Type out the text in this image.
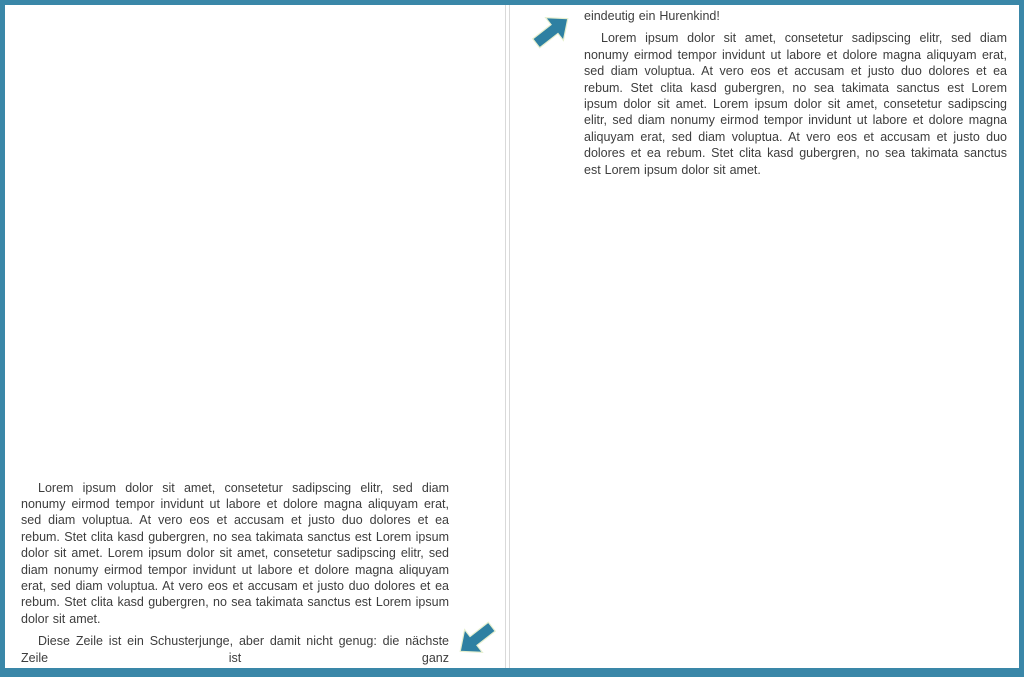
Lorem ipsum dolor sit amet, consetetur sadipscing elitr, sed diam nonumy eirmod tempor invidunt ut labore et dolore magna aliquyam erat, sed diam voluptua. At vero eos et accusam et justo duo dolores et ea rebum. Stet clita kasd gubergren, no sea takimata sanctus est Lorem ipsum dolor sit amet. Lorem ipsum dolor sit amet, consetetur sadipscing elitr, sed diam nonumy eirmod tempor invidunt ut labore et dolore magna aliquyam erat, sed diam voluptua. At vero eos et accusam et justo duo dolores et ea rebum. Stet clita kasd gubergren, no sea takimata sanctus est Lorem ipsum dolor sit amet.

Diese Zeile ist ein Schusterjunge, aber damit nicht genug: die nächste Zeile ist ganz

eindeutig ein Hurenkind!

Lorem ipsum dolor sit amet, consetetur sadipscing elitr, sed diam nonumy eirmod tempor invidunt ut labore et dolore magna aliquyam erat, sed diam voluptua. At vero eos et accusam et justo duo dolores et ea rebum. Stet clita kasd gubergren, no sea takimata sanctus est Lorem ipsum dolor sit amet. Lorem ipsum dolor sit amet, consetetur sadipscing elitr, sed diam nonumy eirmod tempor invidunt ut labore et dolore magna aliquyam erat, sed diam voluptua. At vero eos et accusam et justo duo dolores et ea rebum. Stet clita kasd gubergren, no sea takimata sanctus est Lorem ipsum dolor sit amet.
